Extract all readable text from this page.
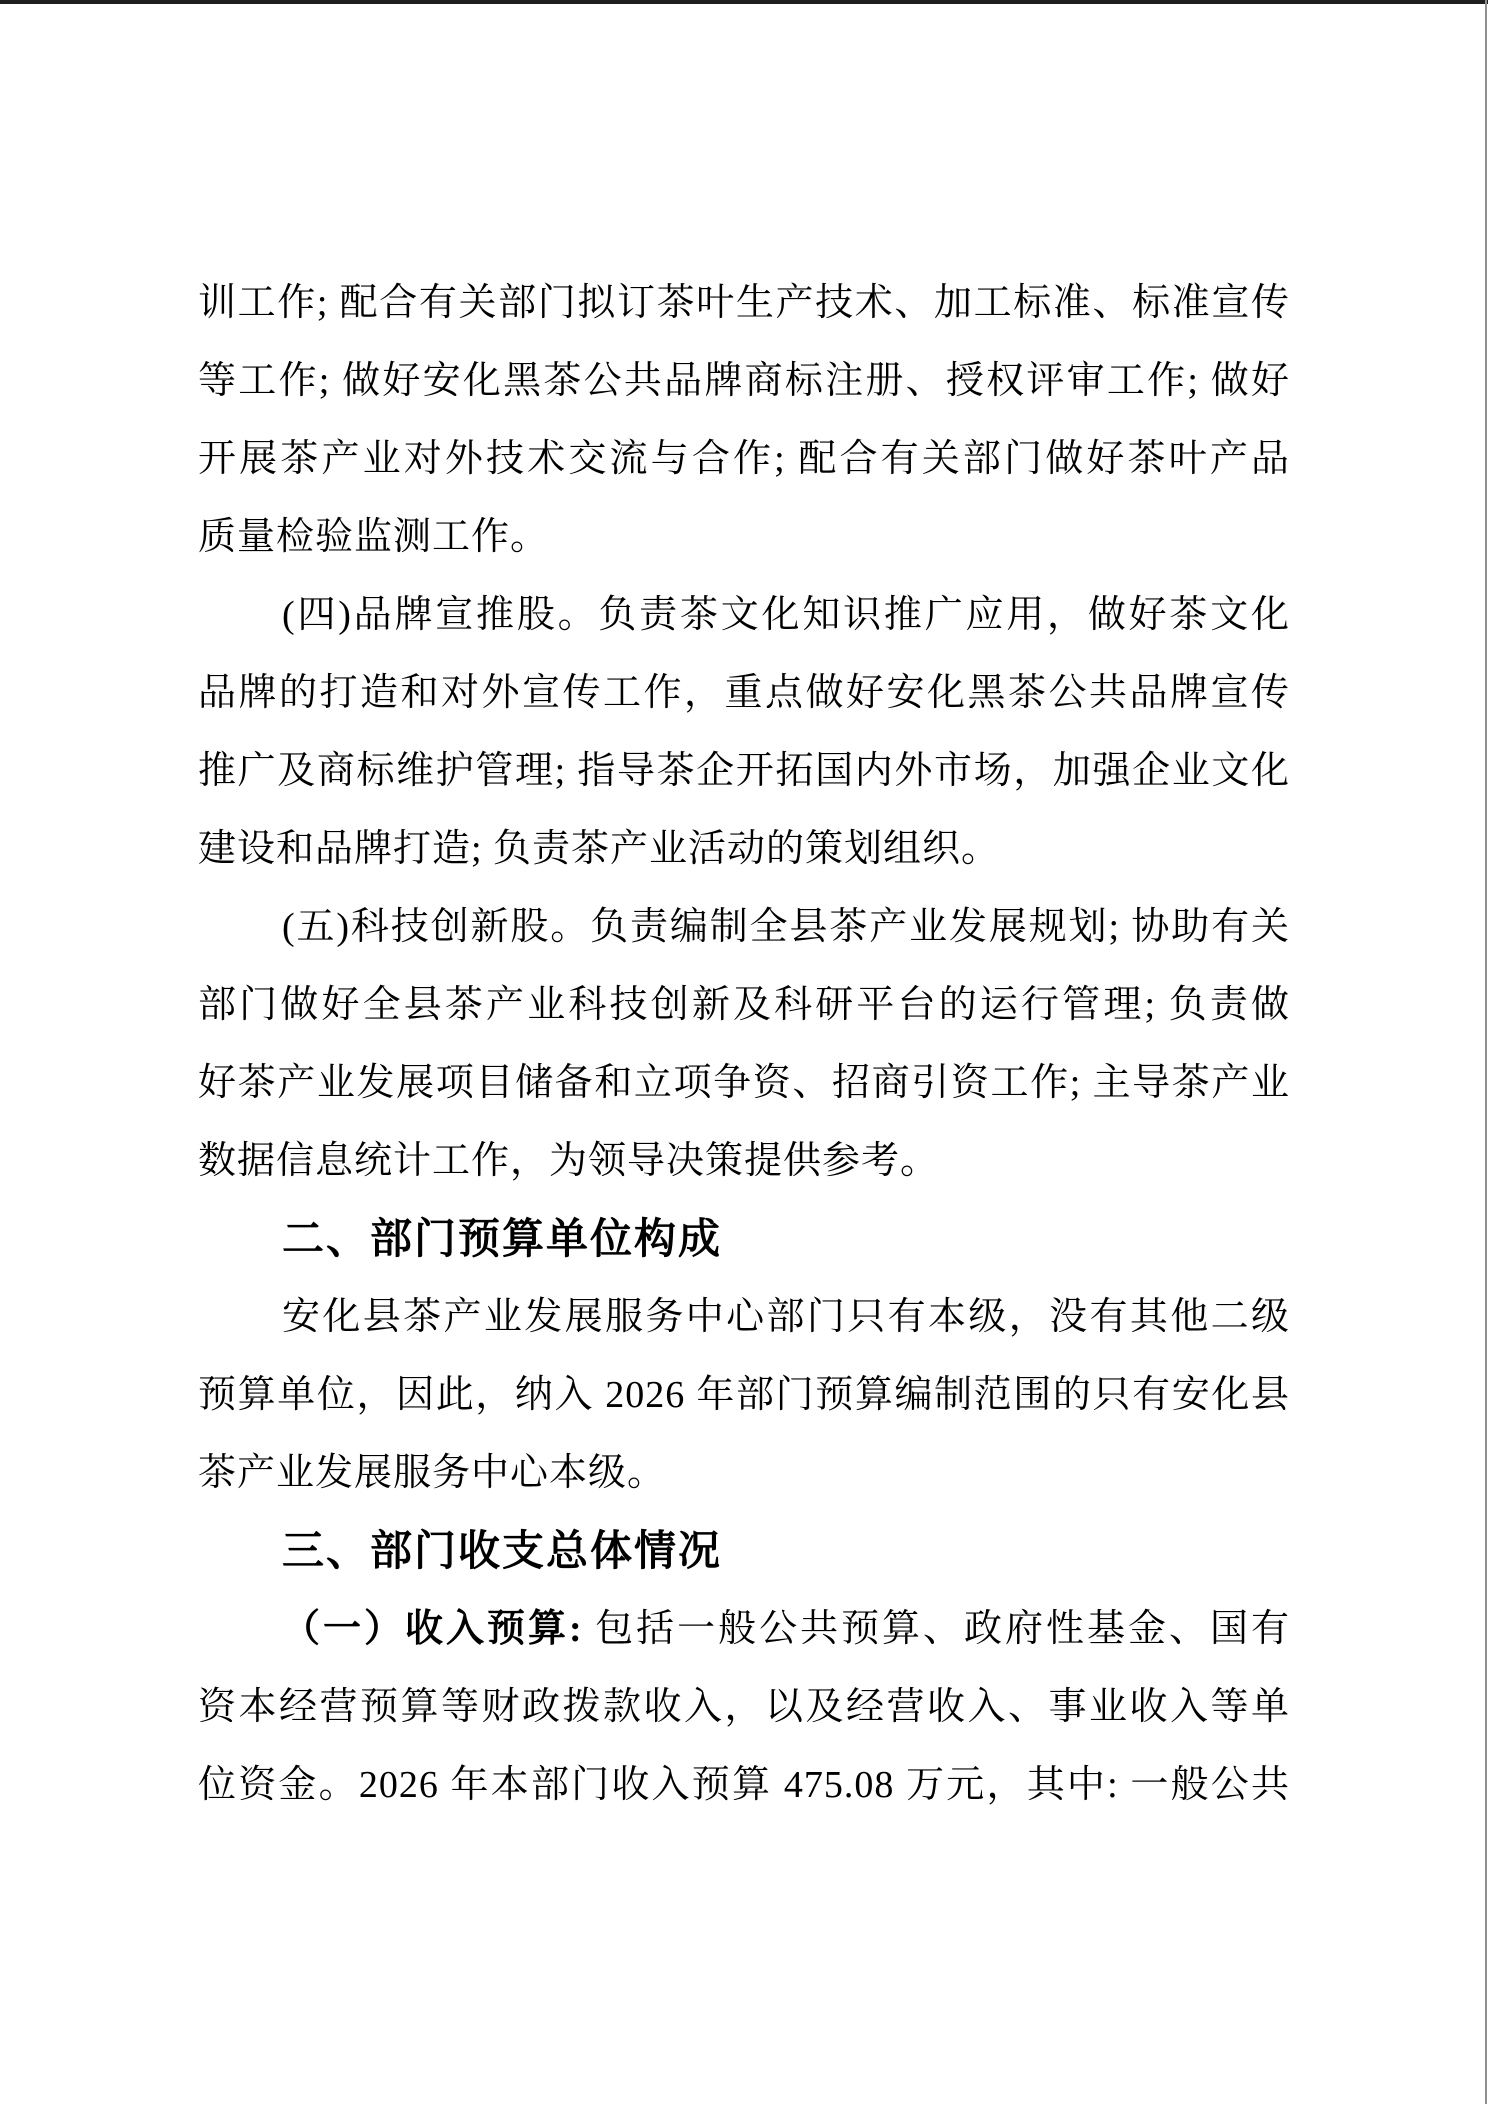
训工作; 配合有关部门拟订茶叶生产技术、加工标准、标准宣传
等工作; 做好安化黑茶公共品牌商标注册、授权评审工作; 做好
开展茶产业对外技术交流与合作; 配合有关部门做好茶叶产品
质量检验监测工作。
(四)品牌宣推股。负责茶文化知识推广应用，做好茶文化
品牌的打造和对外宣传工作，重点做好安化黑茶公共品牌宣传
推广及商标维护管理; 指导茶企开拓国内外市场，加强企业文化
建设和品牌打造; 负责茶产业活动的策划组织。
(五)科技创新股。负责编制全县茶产业发展规划; 协助有关
部门做好全县茶产业科技创新及科研平台的运行管理; 负责做
好茶产业发展项目储备和立项争资、招商引资工作; 主导茶产业
数据信息统计工作，为领导决策提供参考。
二、部门预算单位构成
安化县茶产业发展服务中心部门只有本级，没有其他二级
预算单位，因此，纳入 2026 年部门预算编制范围的只有安化县
茶产业发展服务中心本级。
三、部门收支总体情况
（一）收入预算: 包括一般公共预算、政府性基金、国有
资本经营预算等财政拨款收入，以及经营收入、事业收入等单
位资金。2026 年本部门收入预算 475.08 万元，其中: 一般公共
